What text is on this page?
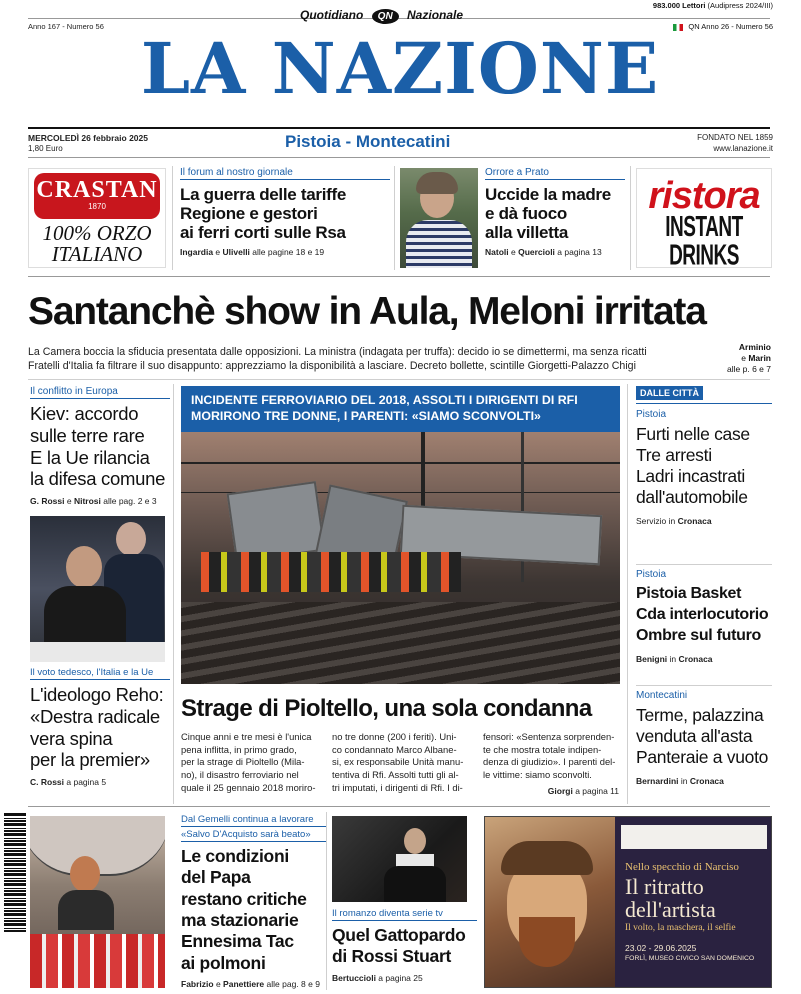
Quotidiano QN Nazionale
983.000 Lettori (Audipress 2024/III)
Anno 167 - Numero 56	QN Anno 26 - Numero 56
LA NAZIONE
MERCOLEDÌ 26 febbraio 2025
1,80 Euro	Pistoia - Montecatini	FONDATO NEL 1859
www.lanazione.it
CRASTAN
1870
100% ORZO
ITALIANO
Il forum al nostro giornale
La guerra delle tariffe
Regione e gestori
ai ferri corti sulle Rsa
Ingardia e Ulivelli alle pagine 18 e 19
Orrore a Prato
Uccide la madre
e dà fuoco
alla villetta
Natoli e Quercioli a pagina 13
ristora
INSTANT DRINKS
Santanchè show in Aula, Meloni irritata
La Camera boccia la sfiducia presentata dalle opposizioni. La ministra (indagata per truffa): decido io se dimettermi, ma senza ricatti
Fratelli d'Italia fa filtrare il suo disappunto: apprezziamo la disponibilità a lasciare. Decreto bollette, scintille Giorgetti-Palazzo Chigi
Arminio
e Marin
alle p. 6 e 7
Il conflitto in Europa
Kiev: accordo
sulle terre rare
E la Ue rilancia
la difesa comune
G. Rossi e Nitrosi alle pag. 2 e 3
Il voto tedesco, l'Italia e la Ue
L'ideologo Reho:
«Destra radicale
vera spina
per la premier»
C. Rossi a pagina 5
INCIDENTE FERROVIARIO DEL 2018, ASSOLTI I DIRIGENTI DI RFI
MORIRONO TRE DONNE, I PARENTI: «SIAMO SCONVOLTI»
Strage di Pioltello, una sola condanna
Cinque anni e tre mesi è l'unica
pena inflitta, in primo grado,
per la strage di Pioltello (Mila-
no), il disastro ferroviario nel
quale il 25 gennaio 2018 moriro-
no tre donne (200 i feriti). Uni-
co condannato Marco Albane-
si, ex responsabile Unità manu-
tentiva di Rfi. Assolti tutti gli al-
tri imputati, i dirigenti di Rfi. I di-
fensori: «Sentenza sorprenden-
te che mostra totale indipen-
denza di giudizio». I parenti del-
le vittime: siamo sconvolti.
Giorgi a pagina 11
DALLE CITTÀ
Pistoia
Furti nelle case
Tre arresti
Ladri incastrati
dall'automobile
Servizio in Cronaca
Pistoia
Pistoia Basket
Cda interlocutorio
Ombre sul futuro
Benigni in Cronaca
Montecatini
Terme, palazzina
venduta all'asta
Panteraie a vuoto
Bernardini in Cronaca
Dal Gemelli continua a lavorare
«Salvo D'Acquisto sarà beato»
Le condizioni
del Papa
restano critiche
ma stazionarie
Ennesima Tac
ai polmoni
Fabrizio e Panettiere alle pag. 8 e 9
Il romanzo diventa serie tv
Quel Gattopardo
di Rossi Stuart
Bertuccioli a pagina 25
Nello specchio di Narciso
Il ritratto
dell'artista
Il volto, la maschera, il selfie
23.02 - 29.06.2025
FORLÌ, MUSEO CIVICO SAN DOMENICO
